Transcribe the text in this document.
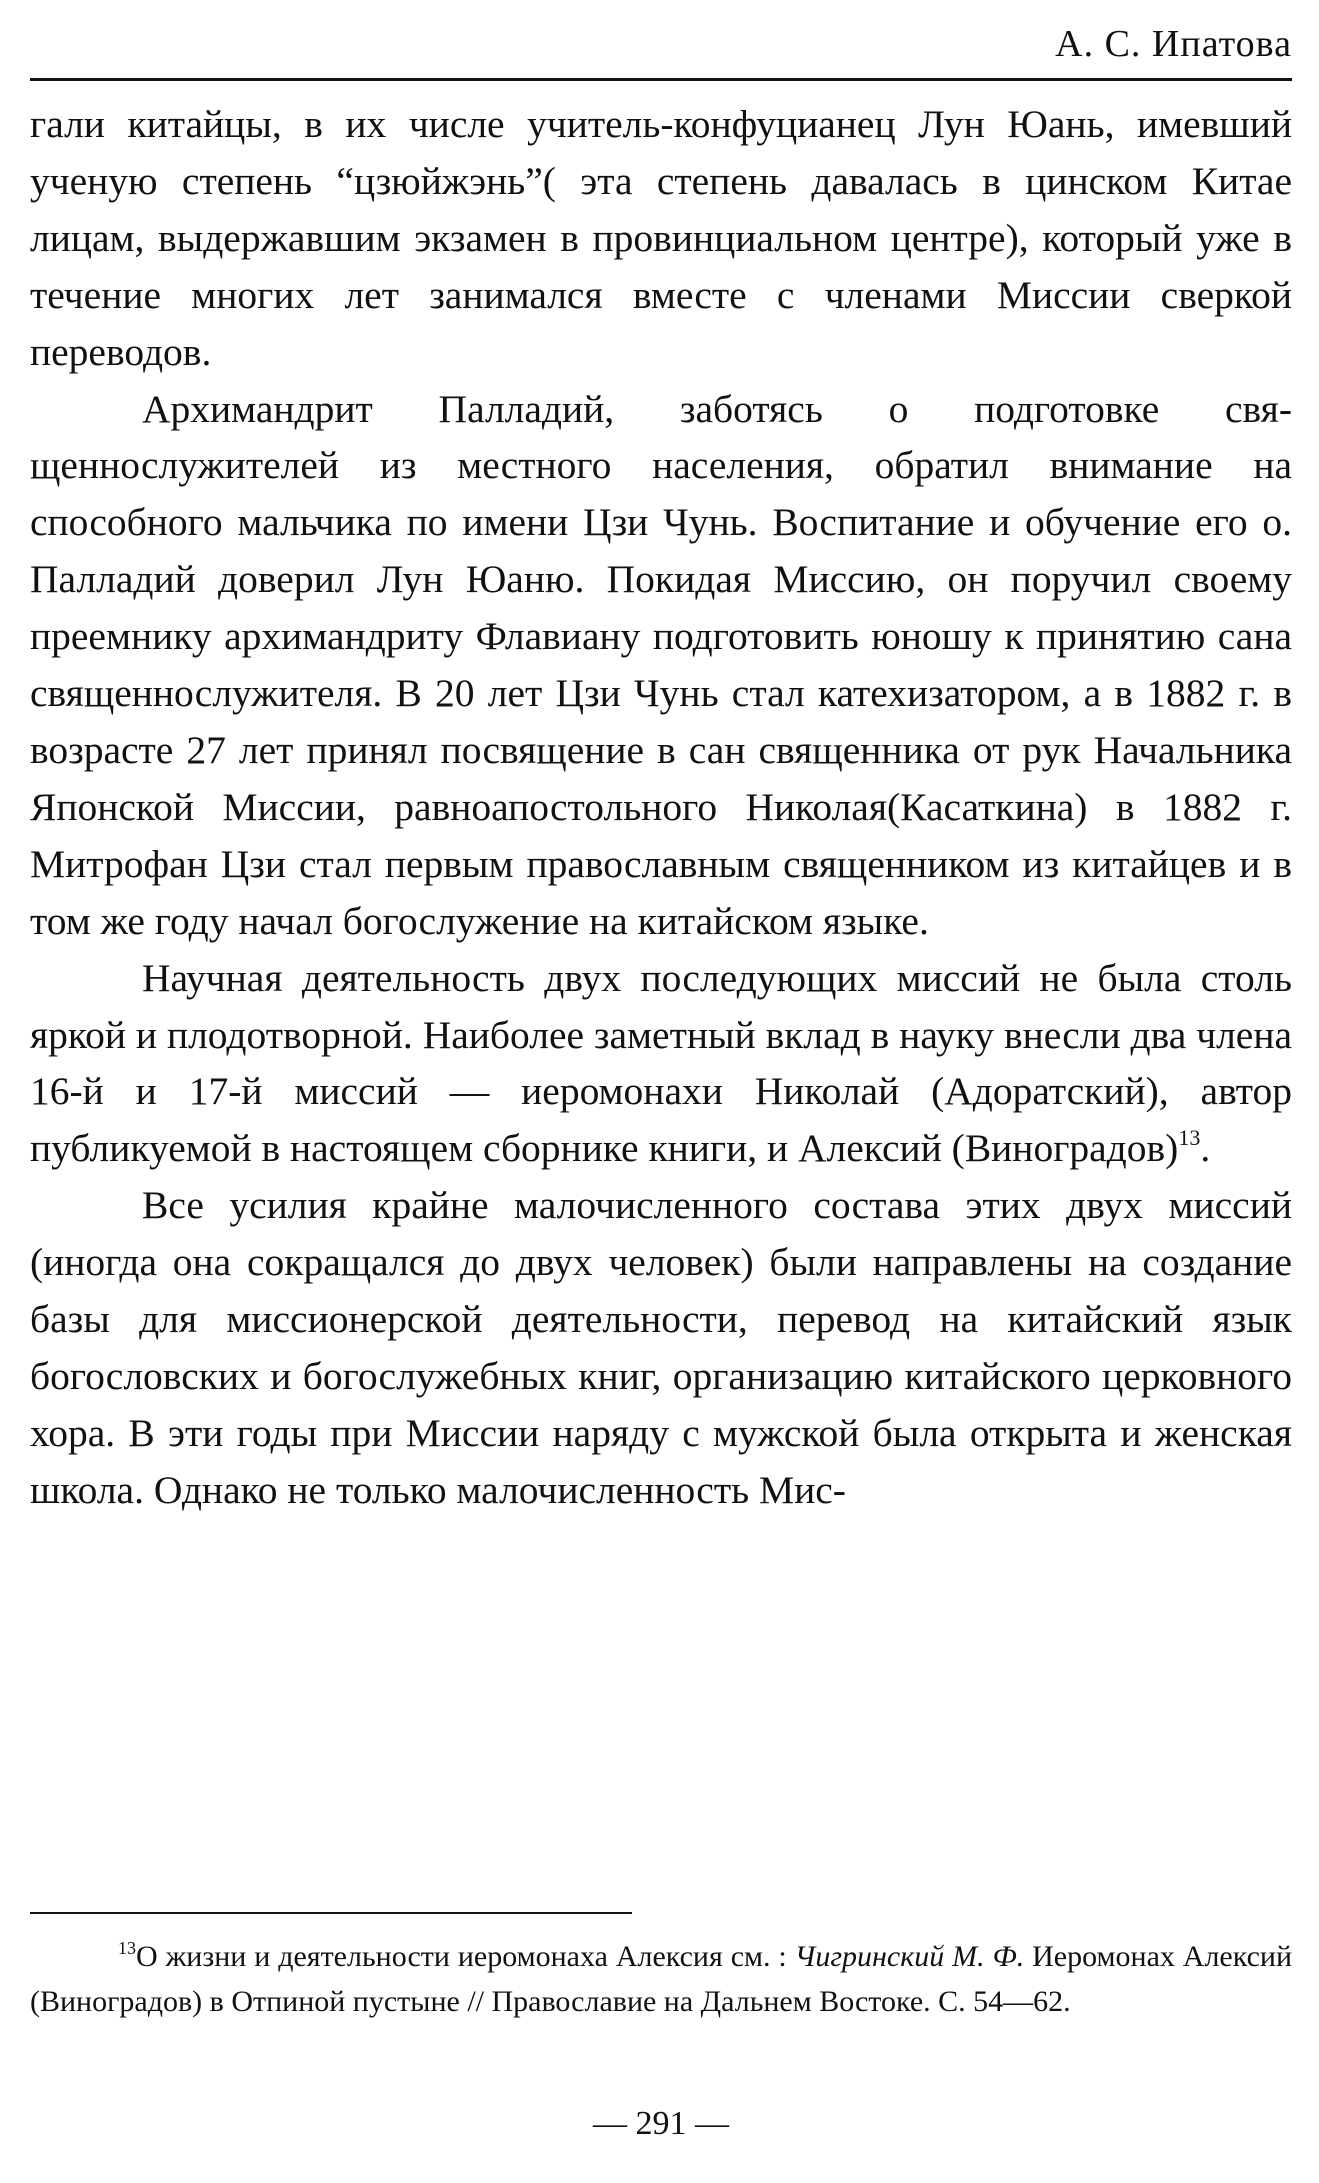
А. С. Ипатова

гали китайцы, в их числе учитель-конфуцианец Лун Юань, имевший ученую степень “цзюйжэнь”( эта степень давалась в цинском Китае лицам, выдержавшим экзамен в провинциальном центре), который уже в течение многих лет занимался вместе с членами Миссии сверкой переводов.

Архимандрит Палладий, заботясь о подготовке священнослужителей из местного населения, обратил внимание на способного мальчика по имени Цзи Чунь. Воспитание и обучение его о. Палладий доверил Лун Юаню. Покидая Миссию, он поручил своему преемнику архимандриту Флавиану подготовить юношу к принятию сана священнослужителя. В 20 лет Цзи Чунь стал катехизатором, а в 1882 г. в возрасте 27 лет принял посвящение в сан священника от рук Начальника Японской Миссии, равноапостольного Николая(Касаткина) в 1882 г. Митрофан Цзи стал первым православным священником из китайцев и в том же году начал богослужение на китайском языке.

Научная деятельность двух последующих миссий не была столь яркой и плодотворной. Наиболее заметный вклад в науку внесли два члена 16-й и 17-й миссий — иеромонахи Николай (Адоратский), автор публикуемой в настоящем сборнике книги, и Алексий (Виноградов)$^{13}$.

Все усилия крайне малочисленного состава этих двух миссий (иногда она сокращался до двух человек) были направлены на создание базы для миссионерской деятельности, перевод на китайский язык богословских и богослужебных книг, организацию китайского церковного хора. В эти годы при Миссии наряду с мужской была открыта и женская школа. Однако не только малочисленность Мис-

$^{13}$О жизни и деятельности иеромонаха Алексия см. : Чигринский М. Ф. Иеромонах Алексий (Виноградов) в Отпиной пустыне // Православие на Дальнем Востоке. С. 54—62.

— 291 —
